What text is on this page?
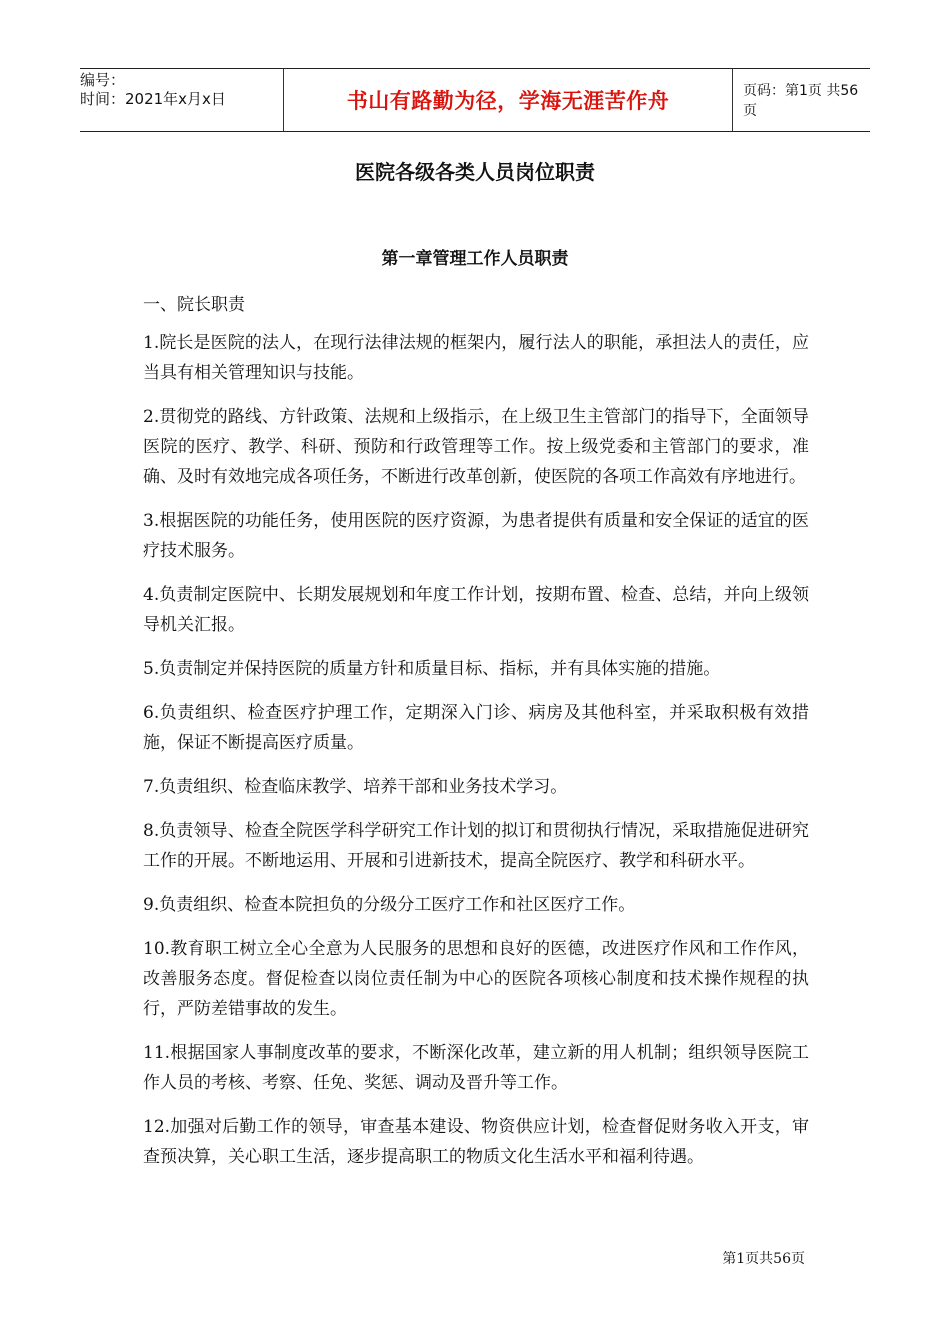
编号：
时间：2021年x月x日	书山有路勤为径，学海无涯苦作舟	页码：第1页 共56页
医院各级各类人员岗位职责
第一章管理工作人员职责
一、院长职责

1.院长是医院的法人，在现行法律法规的框架内，履行法人的职能，承担法人的责任，应当具有相关管理知识与技能。

2.贯彻党的路线、方针政策、法规和上级指示，在上级卫生主管部门的指导下，全面领导医院的医疗、教学、科研、预防和行政管理等工作。按上级党委和主管部门的要求，准确、及时有效地完成各项任务，不断进行改革创新，使医院的各项工作高效有序地进行。

3.根据医院的功能任务，使用医院的医疗资源，为患者提供有质量和安全保证的适宜的医疗技术服务。

4.负责制定医院中、长期发展规划和年度工作计划，按期布置、检查、总结，并向上级领导机关汇报。

5.负责制定并保持医院的质量方针和质量目标、指标，并有具体实施的措施。

6.负责组织、检查医疗护理工作，定期深入门诊、病房及其他科室，并采取积极有效措施，保证不断提高医疗质量。

7.负责组织、检查临床教学、培养干部和业务技术学习。

8.负责领导、检查全院医学科学研究工作计划的拟订和贯彻执行情况，采取措施促进研究工作的开展。不断地运用、开展和引进新技术，提高全院医疗、教学和科研水平。

9.负责组织、检查本院担负的分级分工医疗工作和社区医疗工作。

10.教育职工树立全心全意为人民服务的思想和良好的医德，改进医疗作风和工作作风，改善服务态度。督促检查以岗位责任制为中心的医院各项核心制度和技术操作规程的执行，严防差错事故的发生。

11.根据国家人事制度改革的要求，不断深化改革，建立新的用人机制；组织领导医院工作人员的考核、考察、任免、奖惩、调动及晋升等工作。

12.加强对后勤工作的领导，审查基本建设、物资供应计划，检查督促财务收入开支，审查预决算，关心职工生活，逐步提高职工的物质文化生活水平和福利待遇。

第1页共56页
